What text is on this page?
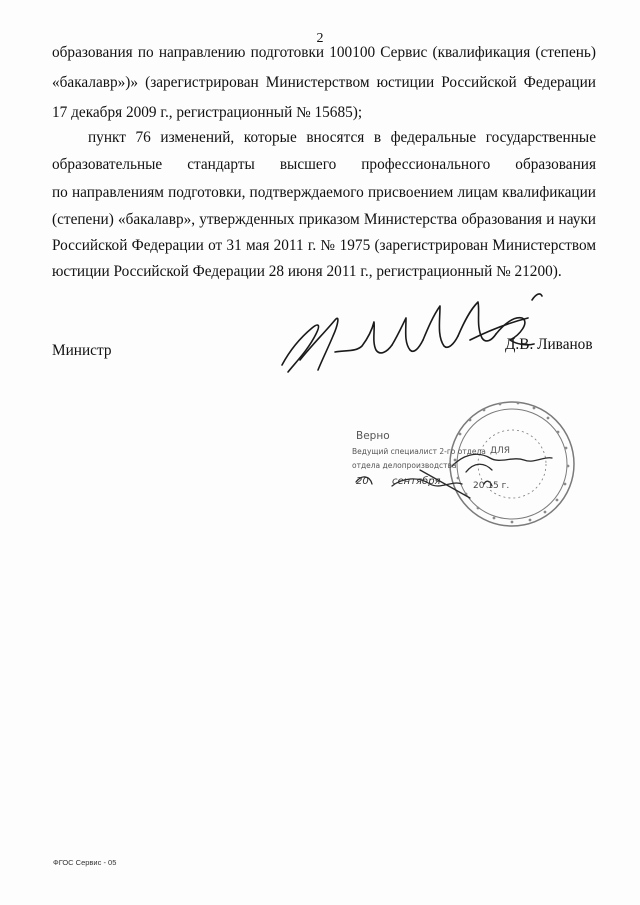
2
образования по направлению подготовки 100100 Сервис (квалификация (степень)
«бакалавр»)» (зарегистрирован Министерством юстиции Российской Федерации
17 декабря 2009 г., регистрационный № 15685);
пункт 76 изменений, которые вносятся в федеральные государственные
образовательные стандарты высшего профессионального образования
по направлениям подготовки, подтверждаемого присвоением лицам квалификации
(степени) «бакалавр», утвержденных приказом Министерства образования и науки
Российской Федерации от 31 мая 2011 г. № 1975 (зарегистрирован Министерством
юстиции Российской Федерации 28 июня 2011 г., регистрационный № 21200).
Министр	Д.В. Ливанов
Верно
Ведущий специалист 2-го отдела
отдела делопроизводства
ДЛЯ
20 сентября	20 15 г.
ФГОС Сервис - 05
